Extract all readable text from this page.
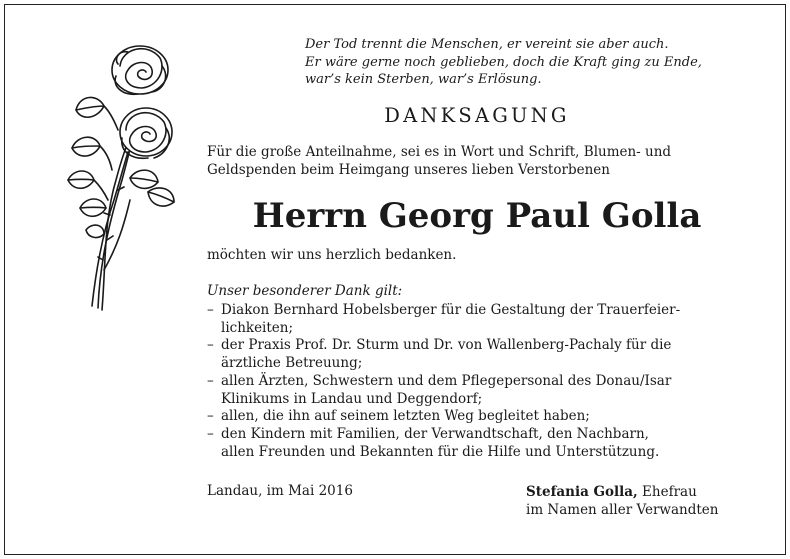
Der Tod trennt die Menschen, er vereint sie aber auch.
Er wäre gerne noch geblieben, doch die Kraft ging zu Ende,
war’s kein Sterben, war’s Erlösung.
DANKSAGUNG
Für die große Anteilnahme, sei es in Wort und Schrift, Blumen- und
Geldspenden beim Heimgang unseres lieben Verstorbenen
Herrn Georg Paul Golla
möchten wir uns herzlich bedanken.
Unser besonderer Dank gilt:
– Diakon Bernhard Hobelsberger für die Gestaltung der Trauerfeier-
lichkeiten;
– der Praxis Prof. Dr. Sturm und Dr. von Wallenberg-Pachaly für die
ärztliche Betreuung;
– allen Ärzten, Schwestern und dem Pflegepersonal des Donau/Isar
Klinikums in Landau und Deggendorf;
– allen, die ihn auf seinem letzten Weg begleitet haben;
– den Kindern mit Familien, der Verwandtschaft, den Nachbarn,
allen Freunden und Bekannten für die Hilfe und Unterstützung.
Landau, im Mai 2016	Stefania Golla, Ehefrau
im Namen aller Verwandten
